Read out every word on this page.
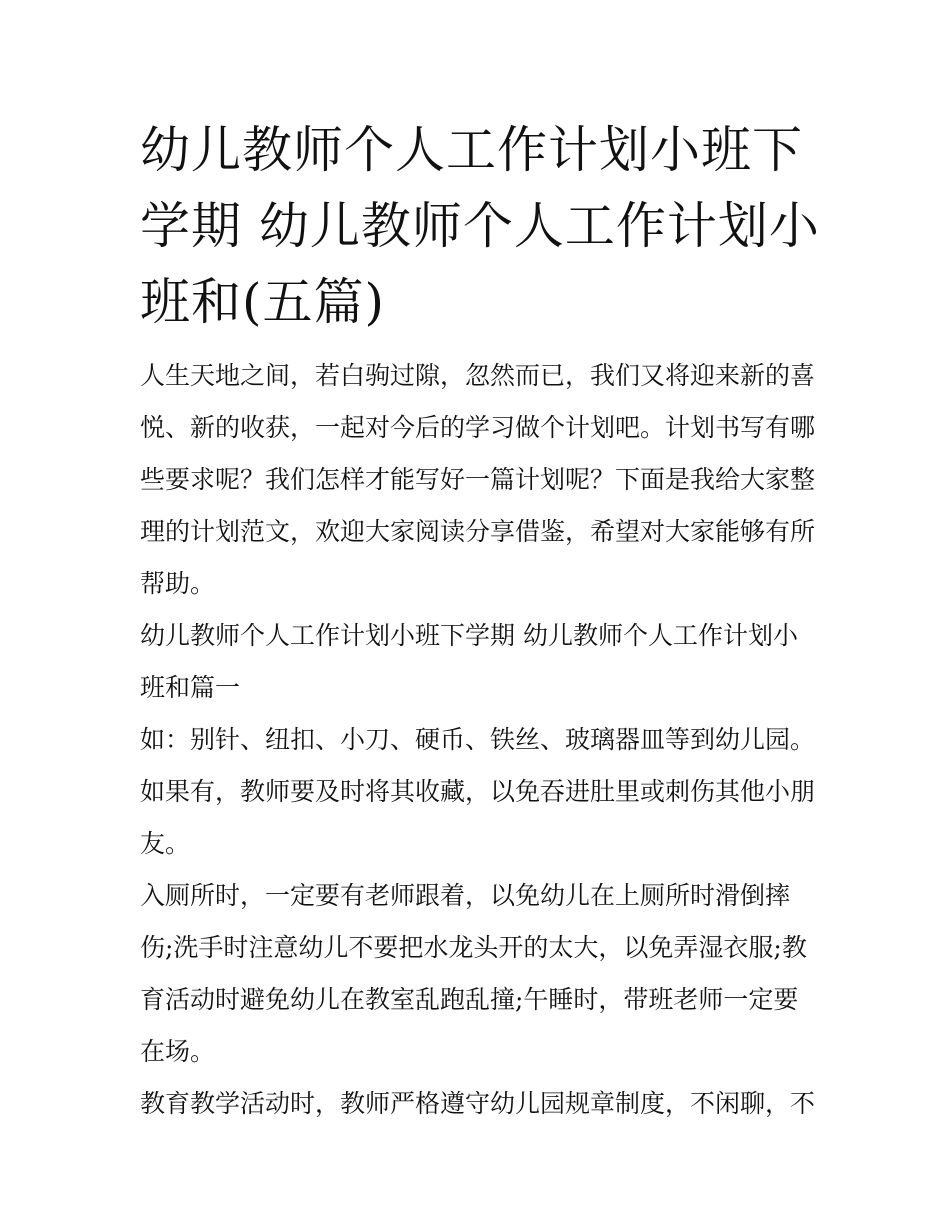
幼儿教师个人工作计划小班下
学期 幼儿教师个人工作计划小
班和(五篇)

人生天地之间，若白驹过隙，忽然而已，我们又将迎来新的喜
悦、新的收获，一起对今后的学习做个计划吧。计划书写有哪
些要求呢？我们怎样才能写好一篇计划呢？下面是我给大家整
理的计划范文，欢迎大家阅读分享借鉴，希望对大家能够有所
帮助。

幼儿教师个人工作计划小班下学期 幼儿教师个人工作计划小
班和篇一

如：别针、纽扣、小刀、硬币、铁丝、玻璃器皿等到幼儿园。
如果有，教师要及时将其收藏，以免吞进肚里或刺伤其他小朋
友。

入厕所时，一定要有老师跟着，以免幼儿在上厕所时滑倒摔
伤;洗手时注意幼儿不要把水龙头开的太大，以免弄湿衣服;教
育活动时避免幼儿在教室乱跑乱撞;午睡时，带班老师一定要
在场。

教育教学活动时，教师严格遵守幼儿园规章制度，不闲聊，不
